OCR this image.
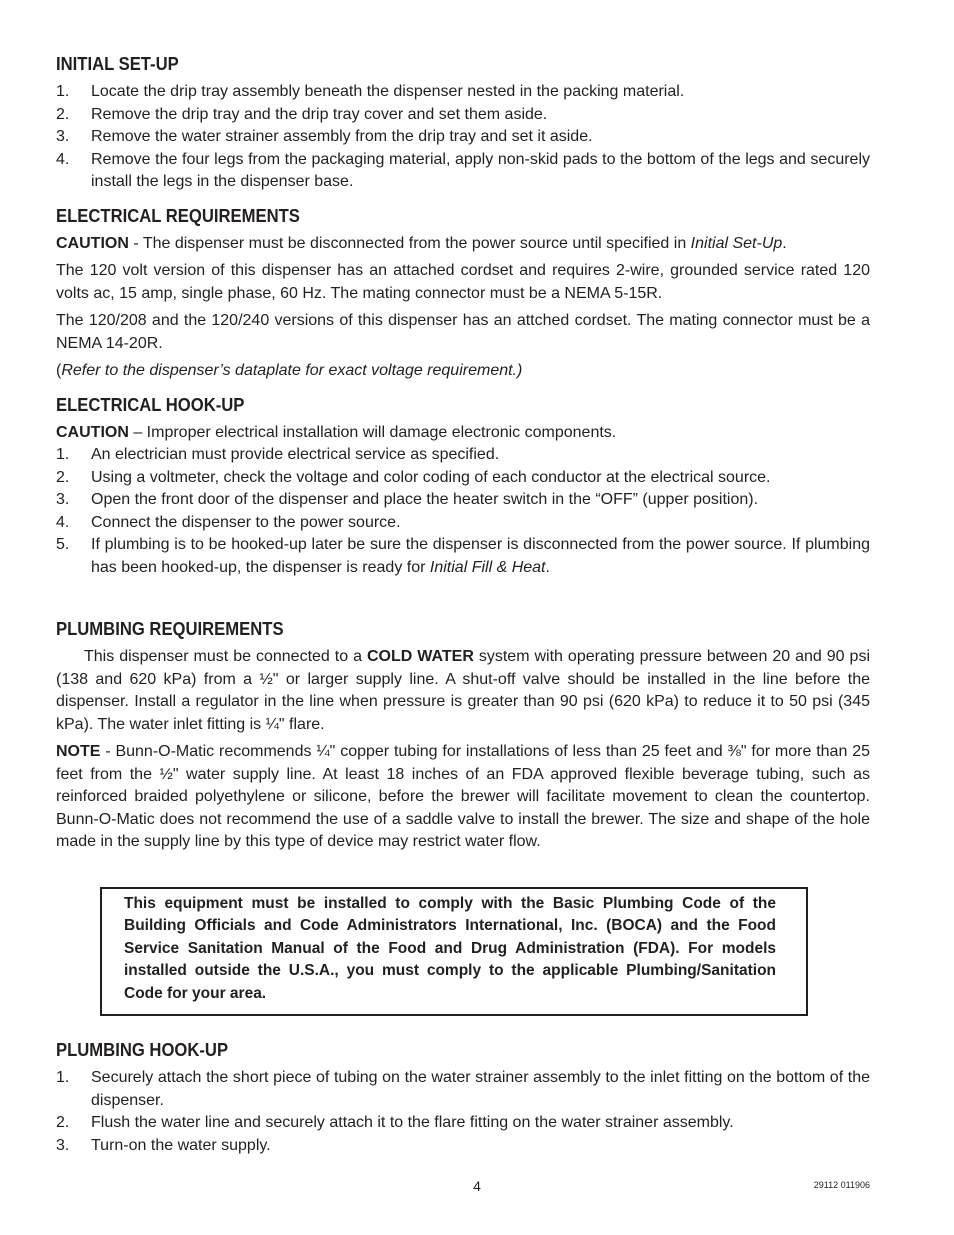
INITIAL SET-UP
1.	Locate the drip tray assembly beneath the dispenser nested in the packing material.
2.	Remove the drip tray and the drip tray cover and set them aside.
3.	Remove the water strainer assembly from the drip tray and set it aside.
4.	Remove the four legs from the packaging material, apply non-skid pads to the bottom of the legs and securely install the legs in the dispenser base.
ELECTRICAL REQUIREMENTS

CAUTION - The dispenser must be disconnected from the power source until specified in Initial Set-Up.

The 120 volt version of this dispenser has an attached cordset and requires 2-wire, grounded service rated 120 volts ac, 15 amp, single phase, 60 Hz. The mating connector must be a NEMA 5-15R.

The 120/208 and the 120/240 versions of this dispenser has an attched cordset. The mating connector must be a NEMA 14-20R.

(Refer to the dispenser’s dataplate for exact voltage requirement.)

ELECTRICAL HOOK-UP

CAUTION – Improper electrical installation will damage electronic components.

1.	An electrician must provide electrical service as specified.
2.	Using a voltmeter, check the voltage and color coding of each conductor at the electrical source.
3.	Open the front door of the dispenser and place the heater switch in the “OFF” (upper position).
4.	Connect the dispenser to the power source.
5.	If plumbing is to be hooked-up later be sure the dispenser is disconnected from the power source. If plumbing has been hooked-up, the dispenser is ready for Initial Fill & Heat.
PLUMBING REQUIREMENTS

This dispenser must be connected to a COLD WATER system with operating pressure between 20 and 90 psi (138 and 620 kPa) from a ½" or larger supply line. A shut-off valve should be installed in the line before the dispenser. Install a regulator in the line when pressure is greater than 90 psi (620 kPa) to reduce it to 50 psi (345 kPa). The water inlet fitting is ¼" flare.

NOTE - Bunn-O-Matic recommends ¼" copper tubing for installations of less than 25 feet and ⅜" for more than 25 feet from the ½" water supply line. At least 18 inches of an FDA approved flexible beverage tubing, such as reinforced braided polyethylene or silicone, before the brewer will facilitate movement to clean the countertop. Bunn-O-Matic does not recommend the use of a saddle valve to install the brewer. The size and shape of the hole made in the supply line by this type of device may restrict water flow.

This equipment must be installed to comply with the Basic Plumbing Code of the Building Officials and Code Administrators International, Inc. (BOCA) and the Food Service Sanitation Manual of the Food and Drug Administration (FDA). For models installed outside the U.S.A., you must comply to the applicable Plumbing/Sanitation Code for your area.
PLUMBING HOOK-UP
1.	Securely attach the short piece of tubing on the water strainer assembly to the inlet fitting on the bottom of the dispenser.
2.	Flush the water line and securely attach it to the flare fitting on the water strainer assembly.
3.	Turn-on the water supply.
4	29112 011906
